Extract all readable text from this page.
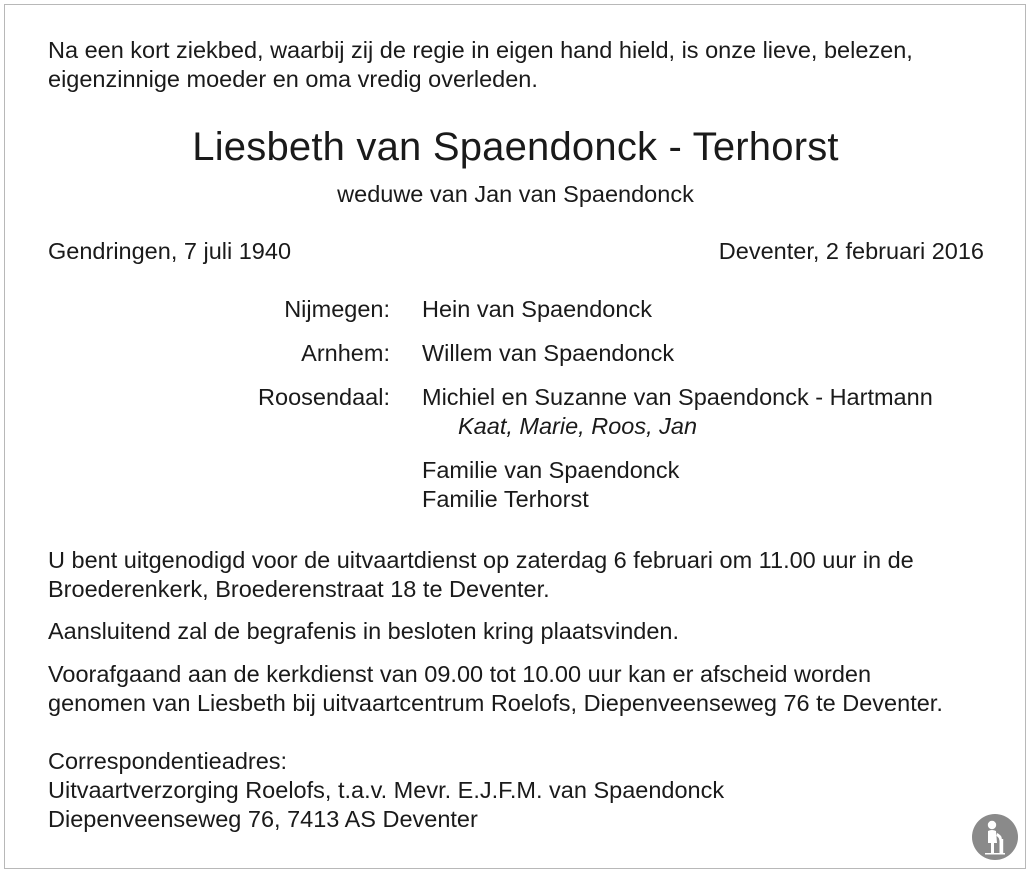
Na een kort ziekbed, waarbij zij de regie in eigen hand hield, is onze lieve, belezen,
eigenzinnige moeder en oma vredig overleden.
Liesbeth van Spaendonck - Terhorst
weduwe van Jan van Spaendonck
Gendringen, 7 juli 1940	Deventer, 2 februari 2016
Nijmegen: Hein van Spaendonck
Arnhem: Willem van Spaendonck
Roosendaal: Michiel en Suzanne van Spaendonck - Hartmann
Kaat, Marie, Roos, Jan
Familie van Spaendonck
Familie Terhorst
U bent uitgenodigd voor de uitvaartdienst op zaterdag 6 februari om 11.00 uur in de
Broederenkerk, Broederenstraat 18 te Deventer.
Aansluitend zal de begrafenis in besloten kring plaatsvinden.
Voorafgaand aan de kerkdienst van 09.00 tot 10.00 uur kan er afscheid worden
genomen van Liesbeth bij uitvaartcentrum Roelofs, Diepenveenseweg 76 te Deventer.
Correspondentieadres:
Uitvaartverzorging Roelofs, t.a.v. Mevr. E.J.F.M. van Spaendonck
Diepenveenseweg 76, 7413 AS Deventer
